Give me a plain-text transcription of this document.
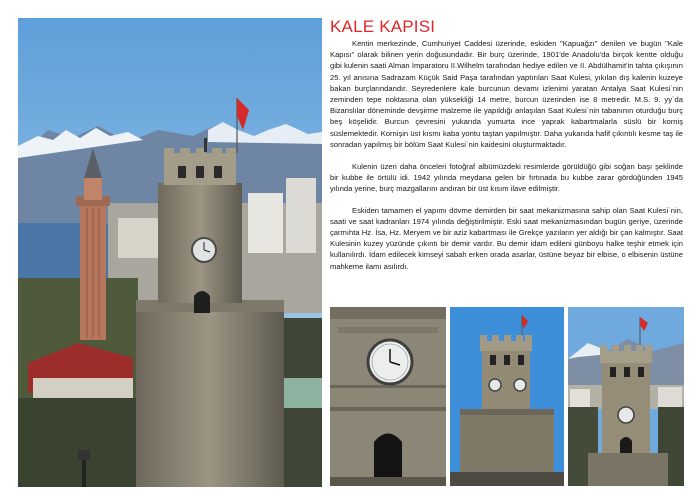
KALE KAPISI

Kentin merkezinde, Cumhuriyet Caddesi üzerinde, eskiden "Kapuağzı" denilen ve bugün "Kale Kapısı" olarak bilinen yerin doğusundadır. Bir burç üzerinde, 1901'de Anadolu'da birçok kentte olduğu gibi kulenin saati Alman İmparatoru II.Wilhelm tarafından hediye edilen ve II. Abdülhamit'in tahta çıkışının 25. yıl anısına Sadrazam Küçük Said Paşa tarafından yaptırılan Saat Kulesi, yıkılan dış kalenin kuzeye bakan burçlarındandır. Seyredenlere kale burcunun devamı izlenimi yaratan Antalya Saat Kulesi`nin zeminden tepe noktasına olan yüksekliği 14 metre, burcun üzerinden ise 8 metredir. M.S. 9. yy`da Bizanslılar döneminde devşirme malzeme ile yapıldığı anlaşılan Saat Kulesi`nin tabanının oturduğu burç beş köşelidir. Burcun çevresini yukarıda yumurta ince yaprak kabartmalarla süslü bir korniş süslemektedir. Kornişin üst kısmı kaba yontu taştan yapılmıştır. Daha yukarıda hafif çıkıntılı kesme taş ile sonradan yapılmış bir bölüm Saat Kulesi`nin kaidesini oluşturmaktadır.

Kulenin üzeri daha önceleri fotoğraf albümüzdeki resimlerde görüldüğü gibi soğan başı şeklinde bir kubbe ile örtülü idi. 1942 yılında meydana gelen bir fırtınada bu kubbe zarar gördüğünden 1945 yılında yerine, burç mazgallarını andıran bir üst kısım ilave edilmiştir.

Eskiden tamamen el yapımı dövme demirden bir saat mekanizmasına sahip olan Saat Kulesi`nin, saati ve saat kadranları 1974 yılında değiştirilmiştir. Eski saat mekanizmasından bugün geriye, üzerinde çarmıhta Hz. İsa, Hz. Meryem ve bir aziz kabartması ile Grekçe yazıların yer aldığı bir çan kalmıştır. Saat Kulesinin kuzey yüzünde çıkıntı bir demir vardır. Bu demir idam edileni günboyu halke teşhir etmek için kullanılırdı. İdam edilecek kimseyi sabah erken orada asarlar, üstüne beyaz bir elbise, o elbisenin üstüne mahkeme ilamı asılırdı.
